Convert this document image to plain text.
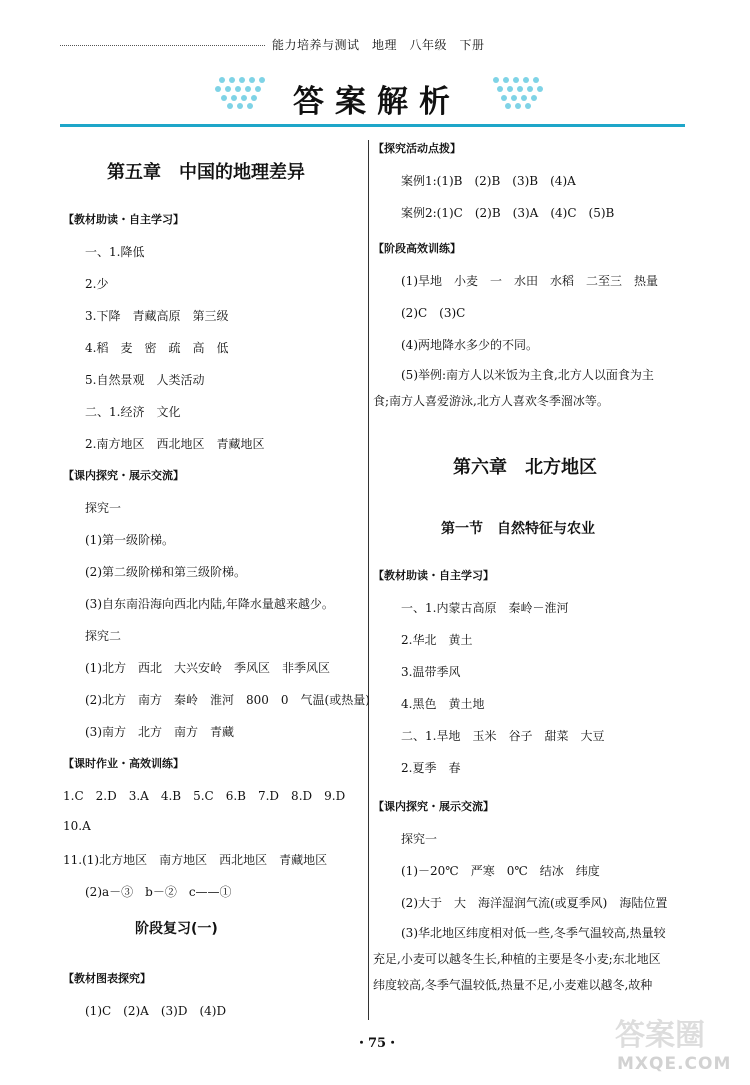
能力培养与测试　地理　八年级　下册
答案解析
第五章　中国的地理差异
【教材助读・自主学习】
一、1.降低
2.少
3.下降　青藏高原　第三级
4.稻　麦　密　疏　高　低
5.自然景观　人类活动
二、1.经济　文化
2.南方地区　西北地区　青藏地区
【课内探究・展示交流】
探究一
(1)第一级阶梯。
(2)第二级阶梯和第三级阶梯。
(3)自东南沿海向西北内陆,年降水量越来越少。
探究二
(1)北方　西北　大兴安岭　季风区　非季风区
(2)北方　南方　秦岭　淮河　800　0　气温(或热量)
(3)南方　北方　南方　青藏
【课时作业・高效训练】
1.C　2.D　3.A　4.B　5.C　6.B　7.D　8.D　9.D
10.A
11.(1)北方地区　南方地区　西北地区　青藏地区
(2)a－③　b－②　c——①
阶段复习(一)
【教材图表探究】
(1)C　(2)A　(3)D　(4)D
【探究活动点拨】
案例1:(1)B　(2)B　(3)B　(4)A
案例2:(1)C　(2)B　(3)A　(4)C　(5)B
【阶段高效训练】
(1)旱地　小麦　一　水田　水稻　二至三　热量
(2)C　(3)C
(4)两地降水多少的不同。
(5)举例:南方人以米饭为主食,北方人以面食为主
食;南方人喜爱游泳,北方人喜欢冬季溜冰等。
第六章　北方地区
第一节　自然特征与农业
【教材助读・自主学习】
一、1.内蒙古高原　秦岭－淮河
2.华北　黄土
3.温带季风
4.黑色　黄土地
二、1.旱地　玉米　谷子　甜菜　大豆
2.夏季　春
【课内探究・展示交流】
探究一
(1)－20℃　严寒　0℃　结冰　纬度
(2)大于　大　海洋湿润气流(或夏季风)　海陆位置
(3)华北地区纬度相对低一些,冬季气温较高,热量较
充足,小麦可以越冬生长,种植的主要是冬小麦;东北地区
纬度较高,冬季气温较低,热量不足,小麦难以越冬,故种
・75・	答案圈
MXQE.COM
